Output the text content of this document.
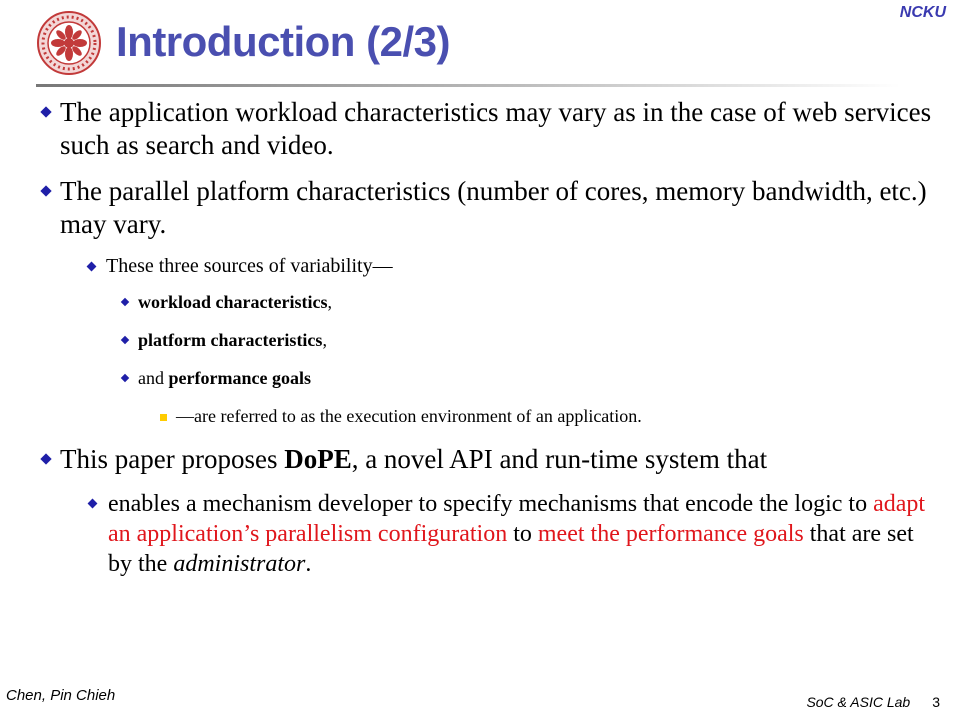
Introduction (2/3)
NCKU
The application workload characteristics may vary as in the case of web services such as search and video.
The parallel platform characteristics (number of cores, memory bandwidth, etc.) may vary.
These three sources of variability—
workload characteristics,
platform characteristics,
and performance goals
—are referred to as the execution environment of an application.
This paper proposes DoPE, a novel API and run-time system that
enables a mechanism developer to specify mechanisms that encode the logic to adapt an application’s parallelism configuration to meet the performance goals that are set by the administrator.
Chen, Pin Chieh	SoC & ASIC Lab 3
